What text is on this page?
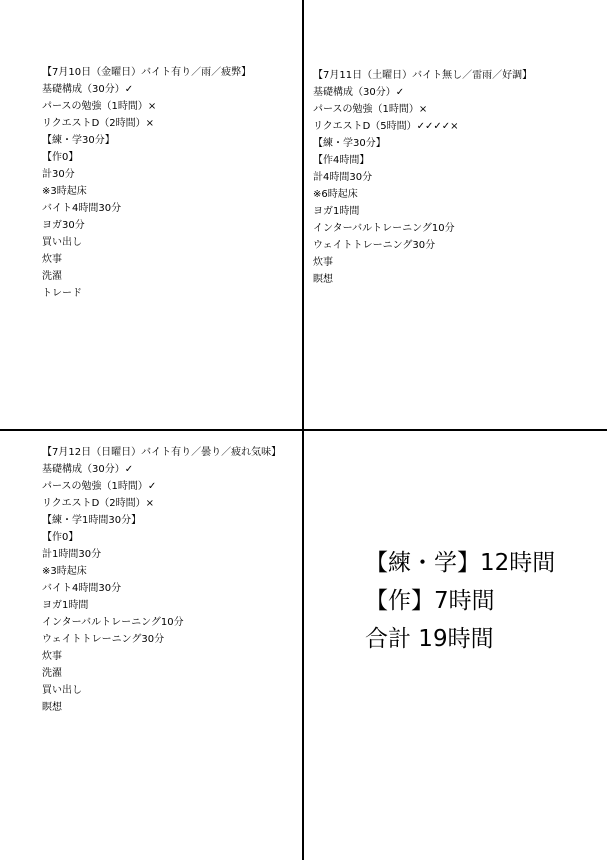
【7月10日（金曜日）バイト有り／雨／疲弊】
基礎構成（30分）✓
パースの勉強（1時間）×
リクエストD（2時間）×
【練・学30分】
【作0】
計30分
※3時起床
バイト4時間30分
ヨガ30分
買い出し
炊事
洗濯
トレード
【7月11日（土曜日）バイト無し／雷雨／好調】
基礎構成（30分）✓
パースの勉強（1時間）×
リクエストD（5時間）✓✓✓✓×
【練・学30分】
【作4時間】
計4時間30分
※6時起床
ヨガ1時間
インターバルトレーニング10分
ウェイトトレーニング30分
炊事
瞑想
【7月12日（日曜日）バイト有り／曇り／疲れ気味】
基礎構成（30分）✓
パースの勉強（1時間）✓
リクエストD（2時間）×
【練・学1時間30分】
【作0】
計1時間30分
※3時起床
バイト4時間30分
ヨガ1時間
インターバルトレーニング10分
ウェイトトレーニング30分
炊事
洗濯
買い出し
瞑想
【練・学】12時間
【作】7時間
合計 19時間
